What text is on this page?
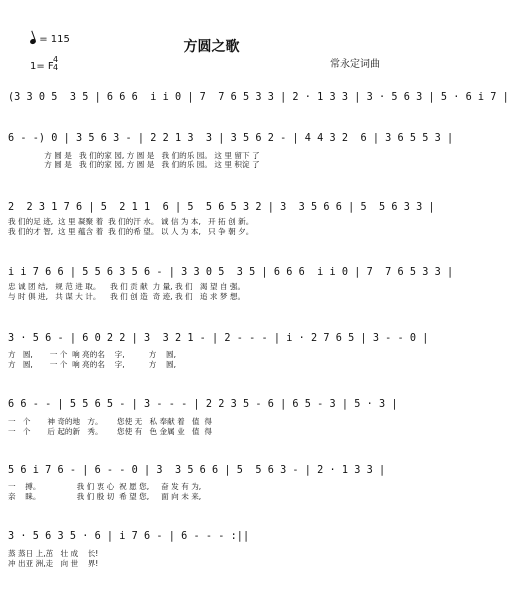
= 115	方圆之歌
1= F
4
4	常永定词曲
(3 3 0 5  3 5 | 6 6 6  i i 0 | 7  7 6 5 3 3 | 2 · 1 3 3 | 3 · 5 6 3 | 5 · 6 i 7 |
6 - -) 0 | 3 5 6 3 - | 2 2 1 3  3 | 3 5 6 2 - | 4 4 3 2  6 | 3 6 5 5 3 |
方 圆 是   我 们的家 园, 方 圆 是   我 们的乐 园。 这 里 留下 了
方 圆 是   我 们的家 园, 方 圆 是   我 们的乐 园。 这 里 积淀 了
2  2 3 1 7 6 | 5  2 1 1  6 | 5  5 6 5 3 2 | 3  3 5 6 6 | 5  5 6 3 3 |
我 们的足 迹,  这 里 凝聚 着  我 们的汗 水。 诚 信 为 本,   开 拓 创 新。
我 们的才 智,  这 里 蕴含 着  我 们的希 望。 以 人 为 本,   只 争 朝 夕。
i i 7 6 6 | 5 5 6 3 5 6 - | 3 3 0 5  3 5 | 6 6 6  i i 0 | 7  7 6 5 3 3 |
忠 诚 团 结,   规 范 进 取。    我 们 贡 献  力 量, 我 们   渴 望 自 强。
与 时 俱 进,   共 谋 大 计。    我 们 创 造  奇 迹, 我 们   追 求 梦 想。
3 · 5 6 - | 6 0 2 2 | 3  3 2 1 - | 2 - - - | i · 2 7 6 5 | 3 - - 0 |
方   圆,       一 个  响 亮的名    字,          方    圆,
方   圆,       一 个  响 亮的名    字,          方    圆,
6 6 - - | 5 5 6 5 - | 3 - - - | 2 2 3 5 - 6 | 6 5 - 3 | 5 · 3 |
一   个       神 奇的地   方。      您使 无   私 奉献 着   值  得
一   个       后 起的新   秀。      您使 有   色 金属 业   值  得
5 6 i 7 6 - | 6 - - 0 | 3  3 5 6 6 | 5  5 6 3 - | 2 · 1 3 3 |
一    搏。               我 们 衷 心  祝 愿 您,     奋 发 有 为,
亲    睐。               我 们 殷 切  希 望 您,     面 向 未 来,
3 · 5 6 3 5 · 6 | i 7 6 - | 6 - - - :||
蒸 蒸日 上,茁   壮 成    长!
冲 出亚 洲,走   向 世    界!
